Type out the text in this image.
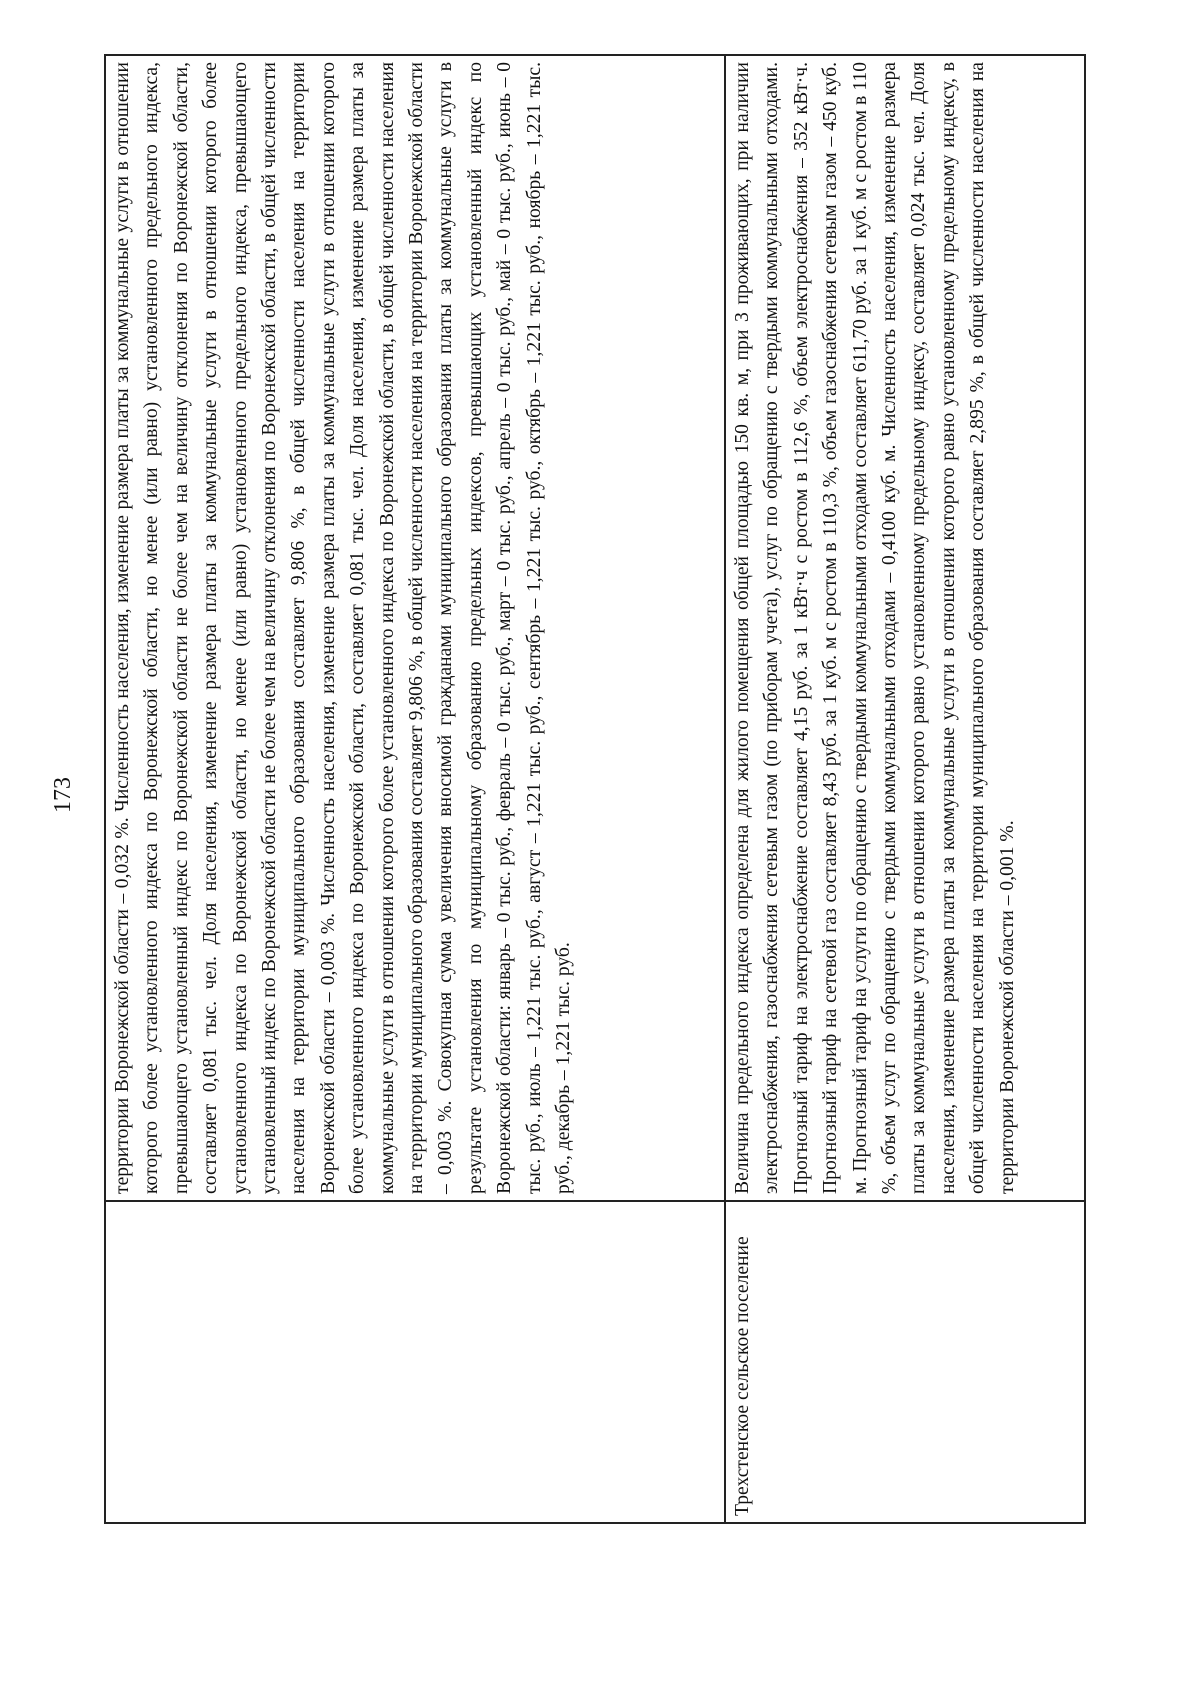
173
		территории Воронежской области – 0,032 %. Численность населения, изменение размера платы за коммунальные услуги в отношении которого более установленного индекса по Воронежской области, но менее (или равно) установленного предельного индекса, превышающего установленный индекс по Воронежской области не более чем на величину отклонения по Воронежской области, составляет 0,081 тыс. чел. Доля населения, изменение размера платы за коммунальные услуги в отношении которого более установленного индекса по Воронежской области, но менее (или равно) установленного предельного индекса, превышающего установленный индекс по Воронежской области не более чем на величину отклонения по Воронежской области, в общей численности населения на территории муниципального образования составляет 9,806 %, в общей численности населения на территории Воронежской области – 0,003 %. Численность населения, изменение размера платы за коммунальные услуги в отношении которого более установленного индекса по Воронежской области, составляет 0,081 тыс. чел. Доля населения, изменение размера платы за коммунальные услуги в отношении которого более установленного индекса по Воронежской области, в общей численности населения на территории муниципального образования составляет 9,806 %, в общей численности населения на территории Воронежской области – 0,003 %. Совокупная сумма увеличения вносимой гражданами муниципального образования платы за коммунальные услуги в результате установления по муниципальному образованию предельных индексов, превышающих установленный индекс по Воронежской области: январь – 0 тыс. руб., февраль – 0 тыс. руб., март – 0 тыс. руб., апрель – 0 тыс. руб., май – 0 тыс. руб., июнь – 0 тыс. руб., июль – 1,221 тыс. руб., август – 1,221 тыс. руб., сентябрь – 1,221 тыс. руб., октябрь – 1,221 тыс. руб., ноябрь – 1,221 тыс. руб., декабрь – 1,221 тыс. руб.
Трехстенское сельское поселение	Величина предельного индекса определена для жилого помещения общей площадью 150 кв. м, при 3 проживающих, при наличии электроснабжения, газоснабжения сетевым газом (по приборам учета), услуг по обращению с твердыми коммунальными отходами. Прогнозный тариф на электроснабжение составляет 4,15 руб. за 1 кВт·ч с ростом в 112,6 %, объем электроснабжения – 352 кВт·ч. Прогнозный тариф на сетевой газ составляет 8,43 руб. за 1 куб. м с ростом в 110,3 %, объем газоснабжения сетевым газом – 450 куб. м. Прогнозный тариф на услуги по обращению с твердыми коммунальными отходами составляет 611,70 руб. за 1 куб. м с ростом в 110 %, объем услуг по обращению с твердыми коммунальными отходами – 0,4100 куб. м. Численность населения, изменение размера платы за коммунальные услуги в отношении которого равно установленному предельному индексу, составляет 0,024 тыс. чел. Доля населения, изменение размера платы за коммунальные услуги в отношении которого равно установленному предельному индексу, в общей численности населения на территории муниципального образования составляет 2,895 %, в общей численности населения на территории Воронежской области – 0,001 %.
